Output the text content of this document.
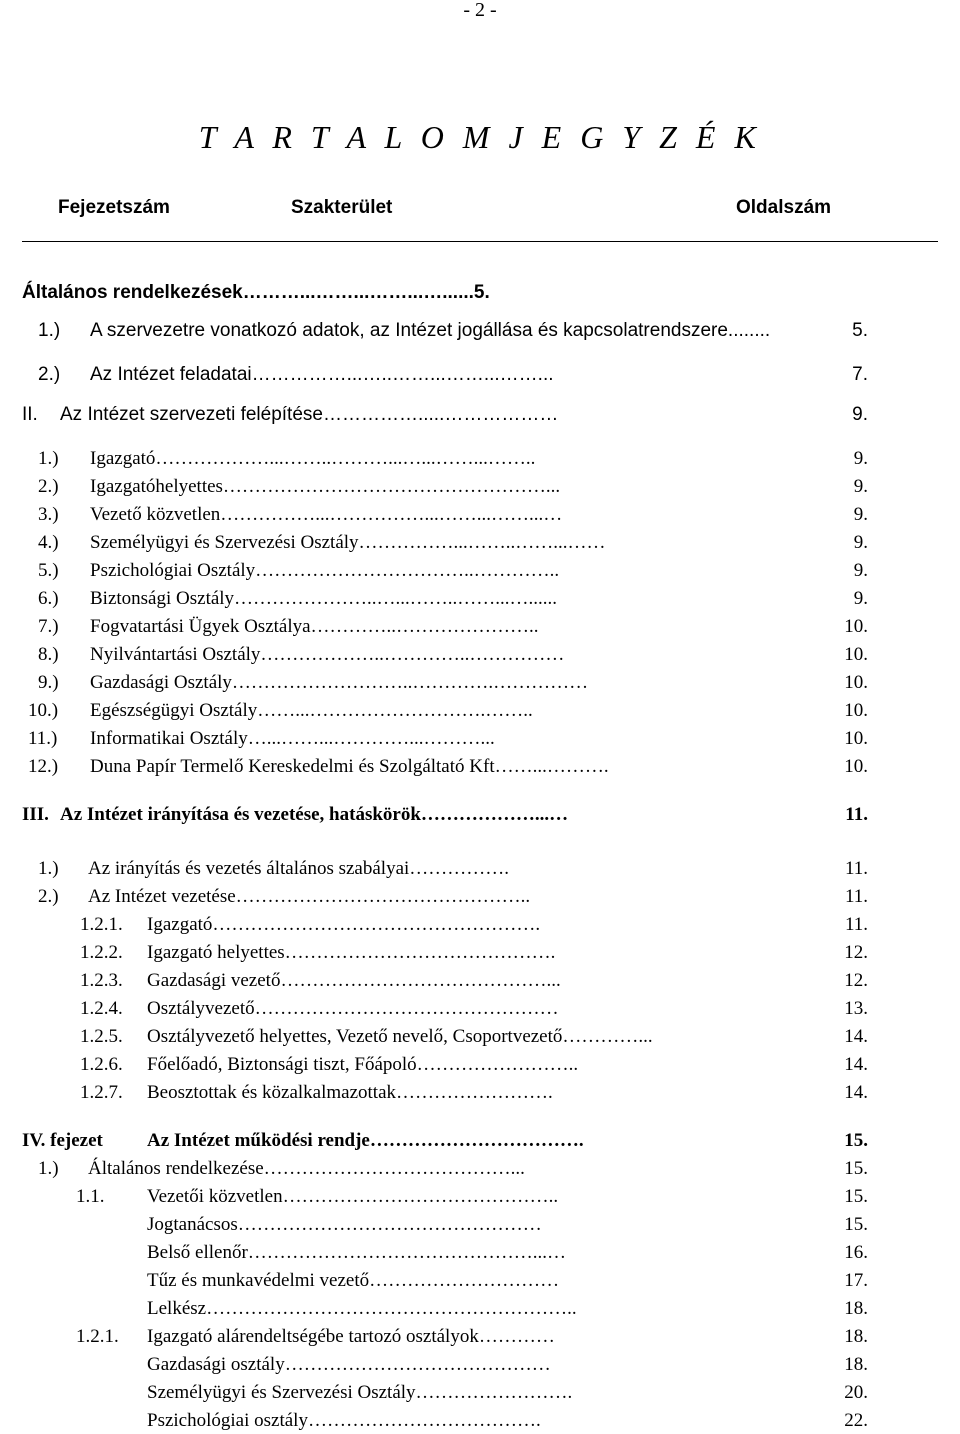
- 2 -
T A R T A L O M J E G Y Z É K
Fejezetszám	Szakterület	Oldalszám
Általános rendelkezések………...……...……...…......5.
1.) A szervezetre vonatkozó adatok, az Intézet jogállása és kapcsolatrendszere........	5.
2.) Az Intézet feladatai……………...…..……...……...……...	7.
II. Az Intézet szervezeti felépítése…………….....………………	9.
1.) Igazgató………………...……..………...…...……...……..	9.
2.) Igazgatóhelyettes……………………………………………...	9.
3.) Vezető közvetlen……………...……………...……...……...…	9.
4.) Személyügyi és Szervezési Osztály……………...……..……...……	9.
5.) Pszichológiai Osztály……………………………..…………..	9.
6.) Biztonsági Osztály…………………..…...……..……...…......	9.
7.) Fogvatartási Ügyek Osztálya…………..…………………..	10.
8.) Nyilvántartási Osztály………………..…………..……………	10.
9.) Gazdasági Osztály………………………..………….……………	10.
10.) Egészségügyi Osztály……...……………………….……..	10.
11.) Informatikai Osztály…...……...…………...………...	10.
12.) Duna Papír Termelő Kereskedelmi és Szolgáltató Kft……...……….	10.
III. Az Intézet irányítása és vezetése, hatáskörök………………...…	11.
1.) Az irányítás és vezetés általános szabályai…………….	11.
2.) Az Intézet vezetése………………………………………..	11.
1.2.1. Igazgató…………………………………………….	11.
1.2.2. Igazgató helyettes…………………………………….	12.
1.2.3. Gazdasági vezető……………………………………...	12.
1.2.4. Osztályvezető…………………………………………	13.
1.2.5. Osztályvezető helyettes, Vezető nevelő, Csoportvezető…………...	14.
1.2.6. Főelőadó, Biztonsági tiszt, Főápoló……………………..	14.
1.2.7. Beosztottak és közalkalmazottak…………………….	14.
IV. fejezet Az Intézet működési rendje…………………………….	15.
1.) Általános rendelkezése…………………………………...	15.
1.1. Vezetői közvetlen……………………………………..	15.
Jogtanácsos…………………………………………	15.
Belső ellenőr………………………………………...…	16.
Tűz és munkavédelmi vezető…………………………	17.
Lelkész…………………………………………………..	18.
1.2.1. Igazgató alárendeltségébe tartozó osztályok…………	18.
Gazdasági osztály……………………………………	18.
Személyügyi és Szervezési Osztály…………………….	20.
Pszichológiai osztály……………………………….	22.
